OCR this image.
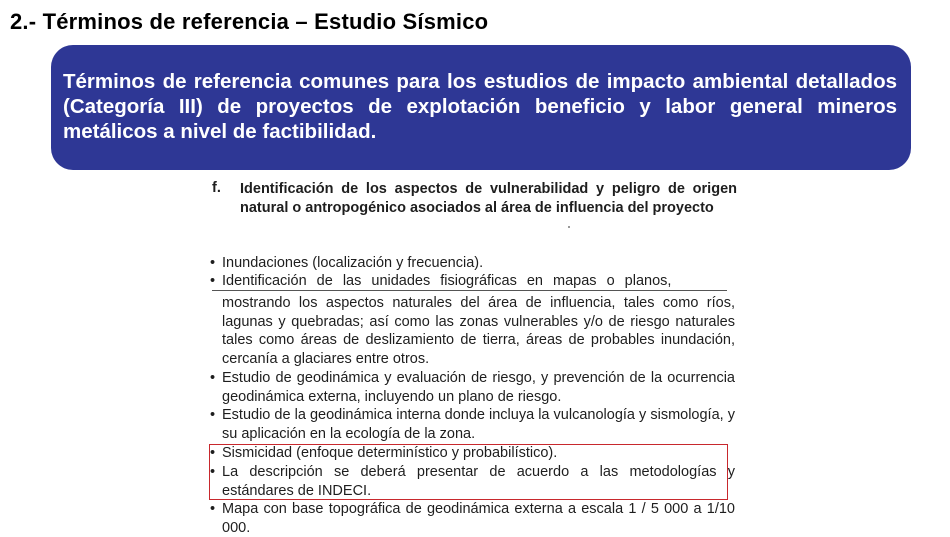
2.- Términos de referencia – Estudio Sísmico
Términos de referencia comunes para los estudios de impacto ambiental detallados (Categoría III) de proyectos de explotación beneficio y labor general mineros metálicos a nivel de factibilidad.
f. Identificación de los aspectos de vulnerabilidad y peligro de origen natural o antropogénico asociados al área de influencia del proyecto
• Inundaciones (localización y frecuencia).
• Identificación de las unidades fisiográficas en mapas o planos,
mostrando los aspectos naturales del área de influencia, tales como ríos, lagunas y quebradas; así como las zonas vulnerables y/o de riesgo naturales tales como áreas de deslizamiento de tierra, áreas de probables inundación, cercanía a glaciares entre otros.
• Estudio de geodinámica y evaluación de riesgo, y prevención de la ocurrencia geodinámica externa, incluyendo un plano de riesgo.
• Estudio de la geodinámica interna donde incluya la vulcanología y sismología, y su aplicación en la ecología de la zona.
• Sismicidad (enfoque determinístico y probabilístico).
• La descripción se deberá presentar de acuerdo a las metodologías y estándares de INDECI.
• Mapa con base topográfica de geodinámica externa a escala 1 / 5 000 a 1/10 000.
